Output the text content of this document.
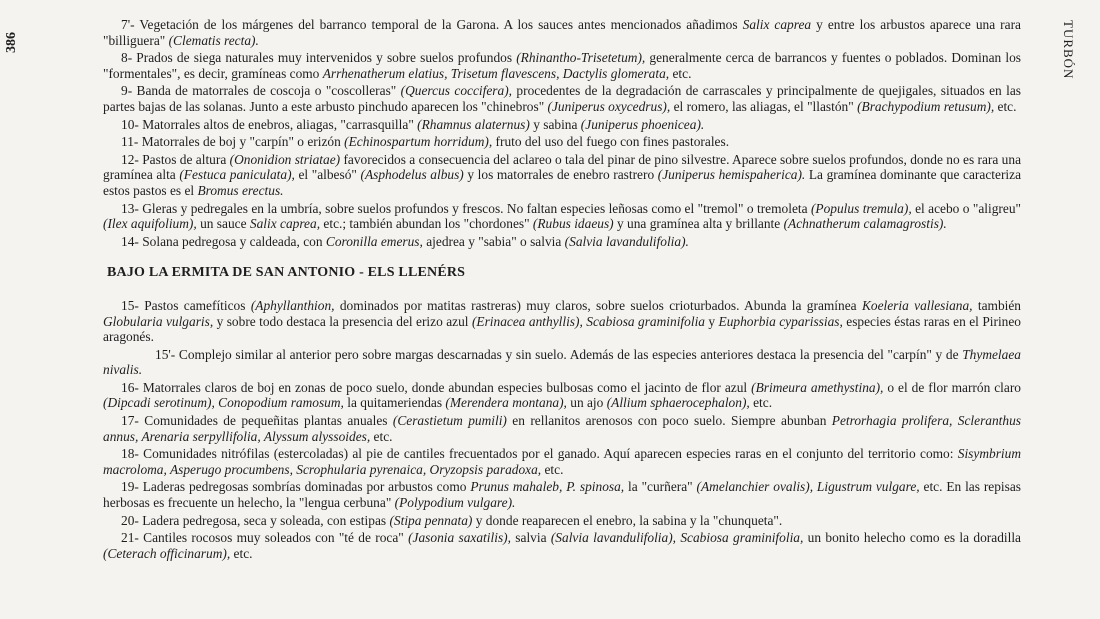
386	TURBÓN

7'- Vegetación de los márgenes del barranco temporal de la Garona. A los sauces antes mencionados añadimos Salix caprea y entre los arbustos aparece una rara "billiguera" (Clematis recta).

8- Prados de siega naturales muy intervenidos y sobre suelos profundos (Rhinantho-Trisetetum), generalmente cerca de barrancos y fuentes o poblados. Dominan los "formentales", es decir, gramíneas como Arrhenatherum elatius, Trisetum flavescens, Dactylis glomerata, etc.

9- Banda de matorrales de coscoja o "coscolleras" (Quercus coccifera), procedentes de la degradación de carrascales y principalmente de quejigales, situados en las partes bajas de las solanas. Junto a este arbusto pinchudo aparecen los "chinebros" (Juniperus oxycedrus), el romero, las aliagas, el "llastón" (Brachypodium retusum), etc.

10- Matorrales altos de enebros, aliagas, "carrasquilla" (Rhamnus alaternus) y sabina (Juniperus phoenicea).

11- Matorrales de boj y "carpín" o erizón (Echinospartum horridum), fruto del uso del fuego con fines pastorales.

12- Pastos de altura (Ononidion striatae) favorecidos a consecuencia del aclareo o tala del pinar de pino silvestre. Aparece sobre suelos profundos, donde no es rara una gramínea alta (Festuca paniculata), el "albesó" (Asphodelus albus) y los matorrales de enebro rastrero (Juniperus hemispaherica). La gramínea dominante que caracteriza estos pastos es el Bromus erectus.

13- Gleras y pedregales en la umbría, sobre suelos profundos y frescos. No faltan especies leñosas como el "tremol" o tremoleta (Populus tremula), el acebo o "aligreu" (Ilex aquifolium), un sauce Salix caprea, etc.; también abundan los "chordones" (Rubus idaeus) y una gramínea alta y brillante (Achnatherum calamagrostis).

14- Solana pedregosa y caldeada, con Coronilla emerus, ajedrea y "sabia" o salvia (Salvia lavandulifolia).

BAJO LA ERMITA DE SAN ANTONIO - ELS LLENÉRS

15- Pastos camefíticos (Aphyllanthion, dominados por matitas rastreras) muy claros, sobre suelos crioturbados. Abunda la gramínea Koeleria vallesiana, también Globularia vulgaris, y sobre todo destaca la presencia del erizo azul (Erinacea anthyllis), Scabiosa graminifolia y Euphorbia cyparissias, especies éstas raras en el Pirineo aragonés.

15'- Complejo similar al anterior pero sobre margas descarnadas y sin suelo. Además de las especies anteriores destaca la presencia del "carpín" y de Thymelaea nivalis.

16- Matorrales claros de boj en zonas de poco suelo, donde abundan especies bulbosas como el jacinto de flor azul (Brimeura amethystina), o el de flor marrón claro (Dipcadi serotinum), Conopodium ramosum, la quitameriendas (Merendera montana), un ajo (Allium sphaerocephalon), etc.

17- Comunidades de pequeñitas plantas anuales (Cerastietum pumili) en rellanitos arenosos con poco suelo. Siempre abunban Petrorhagia prolifera, Scleranthus annus, Arenaria serpyllifolia, Alyssum alyssoides, etc.

18- Comunidades nitrófilas (estercoladas) al pie de cantiles frecuentados por el ganado. Aquí aparecen especies raras en el conjunto del territorio como: Sisymbrium macroloma, Asperugo procumbens, Scrophularia pyrenaica, Oryzopsis paradoxa, etc.

19- Laderas pedregosas sombrías dominadas por arbustos como Prunus mahaleb, P. spinosa, la "curñera" (Amelanchier ovalis), Ligustrum vulgare, etc. En las repisas herbosas es frecuente un helecho, la "lengua cerbuna" (Polypodium vulgare).

20- Ladera pedregosa, seca y soleada, con estipas (Stipa pennata) y donde reaparecen el enebro, la sabina y la "chunqueta".

21- Cantiles rocosos muy soleados con "té de roca" (Jasonia saxatilis), salvia (Salvia lavandulifolia), Scabiosa graminifolia, un bonito helecho como es la doradilla (Ceterach officinarum), etc.
